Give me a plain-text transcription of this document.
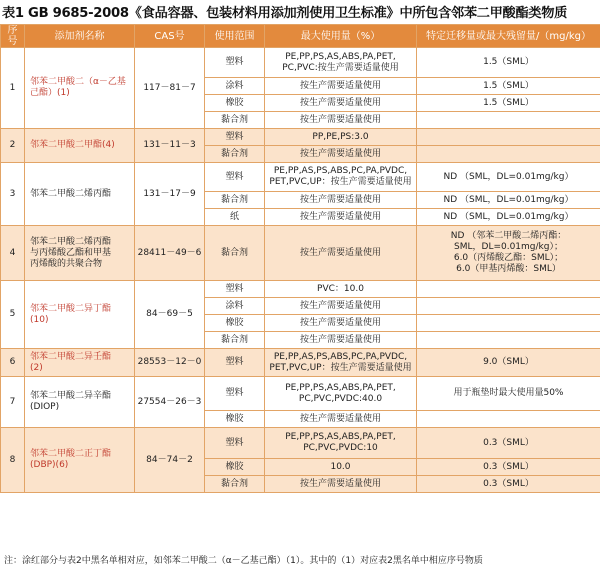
表1 GB 9685-2008《食品容器、包装材料用添加剂使用卫生标准》中所包含邻苯二甲酸酯类物质
序号	添加剂名称	CAS号	使用范围	最大使用量（%）	特定迁移量或最大残留量/（mg/kg）
1	邻苯二甲酸二（α－乙基己酯）(1)	117－81－7	塑料	PE,PP,PS,AS,ABS,PA,PET,
PC,PVC:按生产需要适量使用	1.5（SML）
			涂料	按生产需要适量使用	1.5（SML）
			橡胶	按生产需要适量使用	1.5（SML）
			黏合剂	按生产需要适量使用	
2	邻苯二甲酸二甲酯(4)	131－11－3	塑料	PP,PE,PS:3.0	
			黏合剂	按生产需要适量使用	
3	邻苯二甲酸二烯丙酯	131－17－9	塑料	PE,PP,AS,PS,ABS,PC,PA,PVDC,
PET,PVC,UP：按生产需要适量使用	ND （SML，DL=0.01mg/kg）
			黏合剂	按生产需要适量使用	ND （SML，DL=0.01mg/kg）
			纸	按生产需要适量使用	ND （SML，DL=0.01mg/kg）
4	邻苯二甲酸二烯丙酯
与丙烯酸乙酯和甲基
丙烯酸的共聚合物	28411－49－6	黏合剂	按生产需要适量使用	ND （邻苯二甲酸二烯丙酯：
SML，DL=0.01mg/kg）；
6.0（丙烯酸乙酯：SML）；
6.0（甲基丙烯酸：SML）
5	邻苯二甲酸二异丁酯
(10)	84－69－5	塑料	PVC：10.0	
			涂料	按生产需要适量使用	
			橡胶	按生产需要适量使用	
			黏合剂	按生产需要适量使用	
6	邻苯二甲酸二异壬酯
(2)	28553－12－0	塑料	PE,PP,AS,PS,ABS,PC,PA,PVDC,
PET,PVC,UP：按生产需要适量使用	9.0（SML）
7	邻苯二甲酸二异辛酯
(DIOP)	27554－26－3	塑料	PE,PP,PS,AS,ABS,PA,PET,
PC,PVC,PVDC:40.0	用于瓶垫时最大使用量50%
			橡胶	按生产需要适量使用	
8	邻苯二甲酸二正丁酯
(DBP)(6)	84－74－2	塑料	PE,PP,PS,AS,ABS,PA,PET,
PC,PVC,PVDC:10	0.3（SML）
			橡胶	10.0	0.3（SML）
			黏合剂	按生产需要适量使用	0.3（SML）
注：涂红部分与表2中黑名单相对应，如邻苯二甲酸二（α－乙基己酯）（1）。其中的（1）对应表2黑名单中相应序号物质
